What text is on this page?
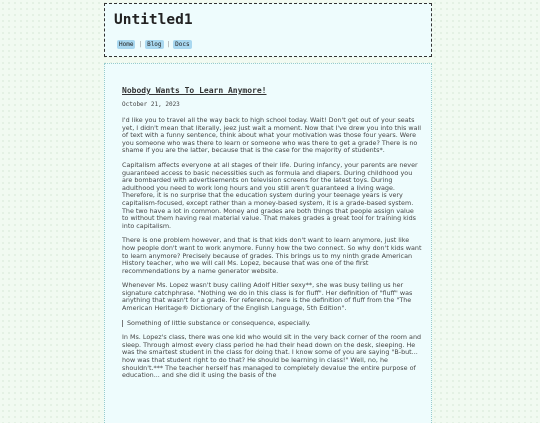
Untitled1
Home | Blog | Docs
Nobody Wants To Learn Anymore!
October 21, 2023

I'd like you to travel all the way back to high school today. Wait! Don't get out of your seats yet, I didn't mean that literally, jeez just wait a moment. Now that I've drew you into this wall of text with a funny sentence, think about what your motivation was those four years. Were you someone who was there to learn or someone who was there to get a grade? There is no shame if you are the latter, because that is the case for the majority of students*.

Capitalism affects everyone at all stages of their life. During infancy, your parents are never guaranteed access to basic necessities such as formula and diapers. During childhood you are bombarded with advertisements on television screens for the latest toys. During adulthood you need to work long hours and you still aren't guaranteed a living wage. Therefore, it is no surprise that the education system during your teenage years is very capitalism-focused, except rather than a money-based system, it is a grade-based system. The two have a lot in common. Money and grades are both things that people assign value to without them having real material value. That makes grades a great tool for training kids into capitalism.

There is one problem however, and that is that kids don't want to learn anymore, just like how people don't want to work anymore. Funny how the two connect. So why don't kids want to learn anymore? Precisely because of grades. This brings us to my ninth grade American History teacher, who we will call Ms. Lopez, because that was one of the first recommendations by a name generator website.

Whenever Ms. Lopez wasn't busy calling Adolf Hitler sexy**, she was busy telling us her signature catchphrase. "Nothing we do in this class is for fluff". Her definition of "fluff" was anything that wasn't for a grade. For reference, here is the definition of fluff from the "The American Heritage® Dictionary of the English Language, 5th Edition".

Something of little substance or consequence, especially.

In Ms. Lopez's class, there was one kid who would sit in the very back corner of the room and sleep. Through almost every class period he had their head down on the desk, sleeping. He was the smartest student in the class for doing that. I know some of you are saying "B-but... how was that student right to do that? He should be learning in class!" Well, no, he shouldn't.*** The teacher herself has managed to completely devalue the entire purpose of education... and she did it using the basis of the
